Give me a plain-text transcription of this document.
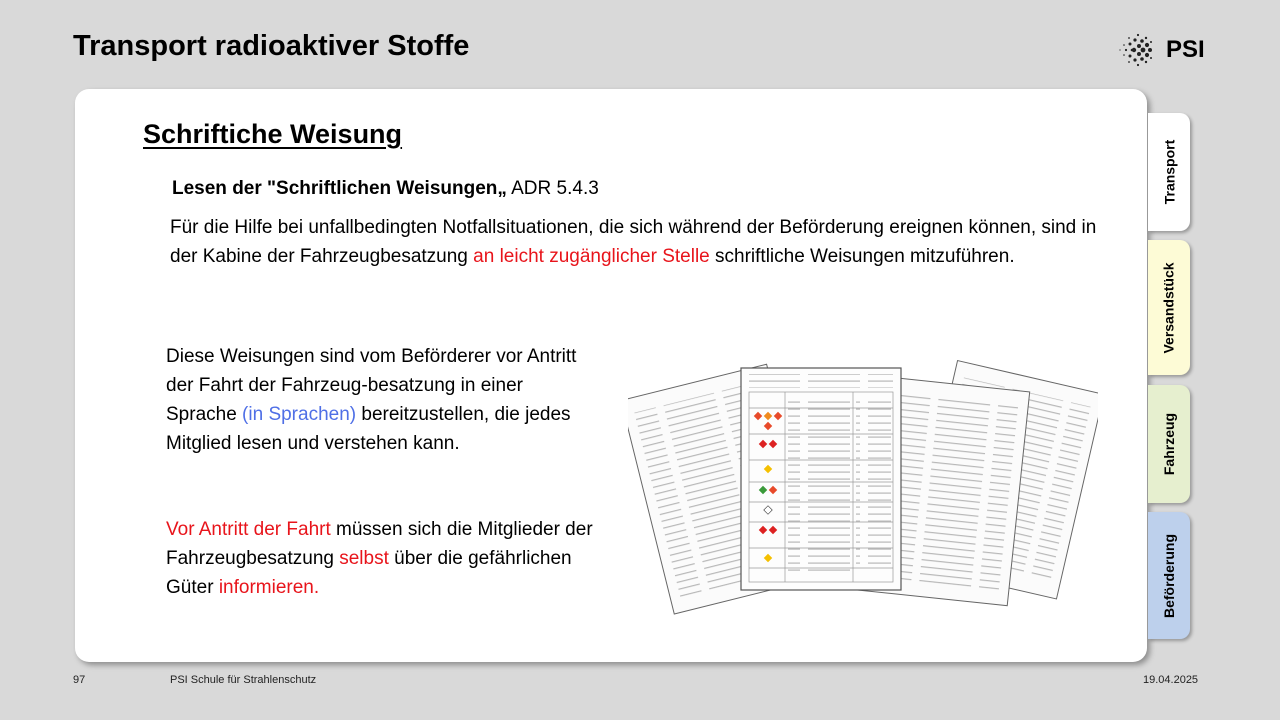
Transport radioaktiver Stoffe	PSI
Transport
Versandstück
Fahrzeug
Beförderung
Schriftiche Weisung
Lesen der "Schriftlichen Weisungen„ ADR 5.4.3
Für die Hilfe bei unfallbedingten Notfallsituationen, die sich während der Beförderung ereignen können, sind in der Kabine der Fahrzeugbesatzung an leicht zugänglicher Stelle schriftliche Weisungen mitzuführen.
Diese Weisungen sind vom Beförderer vor Antritt der Fahrt der Fahrzeug-besatzung in einer Sprache (in Sprachen) bereitzustellen, die jedes Mitglied lesen und verstehen kann.
Vor Antritt der Fahrt müssen sich die Mitglieder der Fahrzeugbesatzung selbst über die gefährlichen Güter informieren.
97	PSI Schule für Strahlenschutz	19.04.2025
